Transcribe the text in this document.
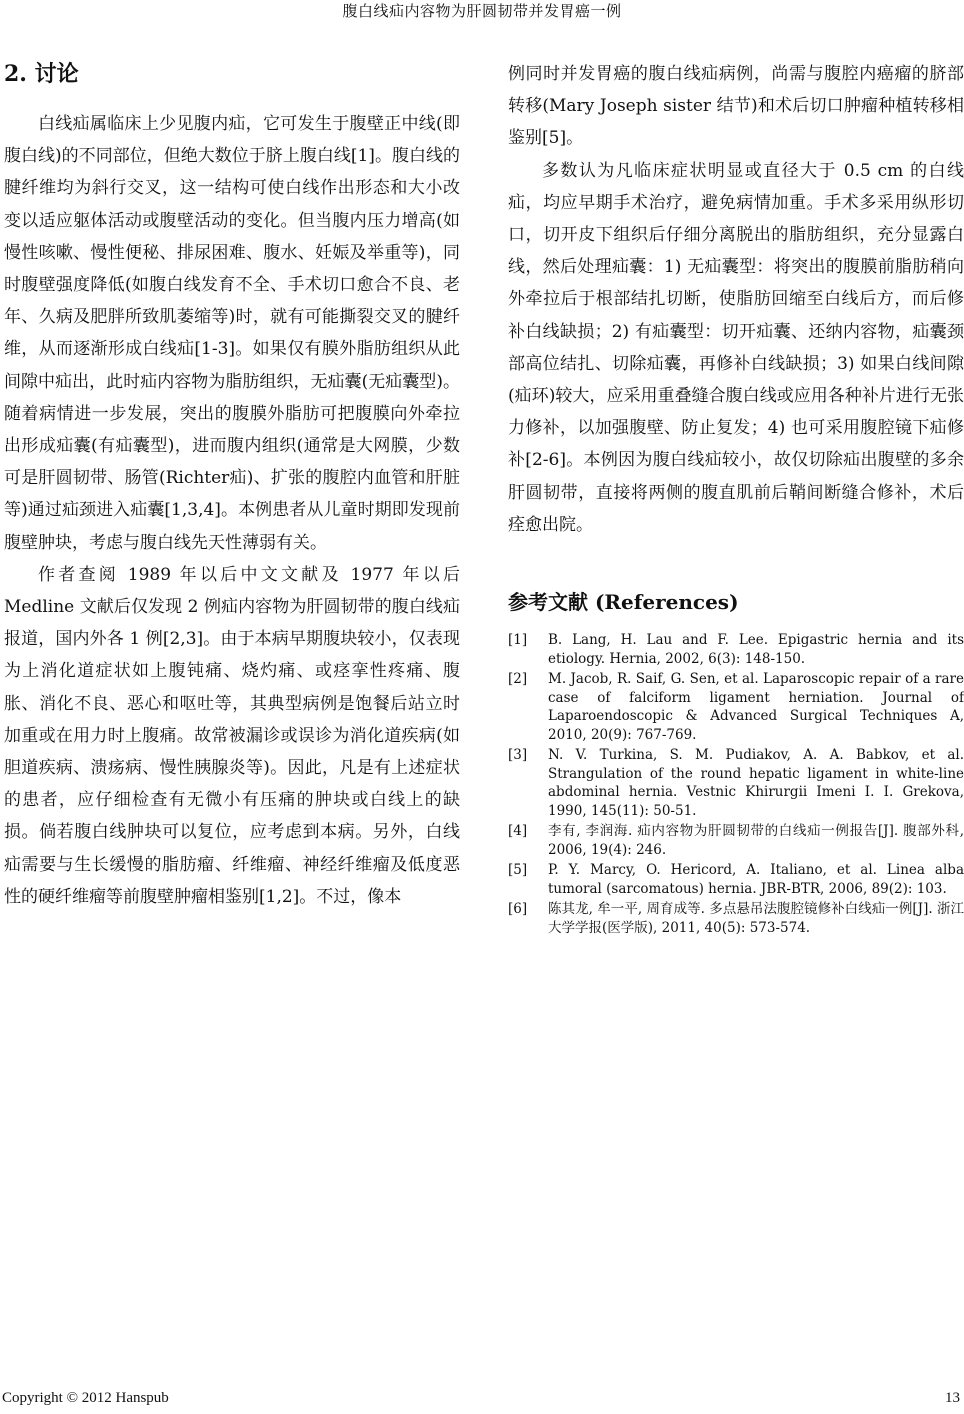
腹白线疝内容物为肝圆韧带并发胃癌一例
2. 讨论

白线疝属临床上少见腹内疝，它可发生于腹壁正中线(即腹白线)的不同部位，但绝大数位于脐上腹白线[1]。腹白线的腱纤维均为斜行交叉，这一结构可使白线作出形态和大小改变以适应躯体活动或腹壁活动的变化。但当腹内压力增高(如慢性咳嗽、慢性便秘、排尿困难、腹水、妊娠及举重等)，同时腹壁强度降低(如腹白线发育不全、手术切口愈合不良、老年、久病及肥胖所致肌萎缩等)时，就有可能撕裂交叉的腱纤维，从而逐渐形成白线疝[1-3]。如果仅有膜外脂肪组织从此间隙中疝出，此时疝内容物为脂肪组织，无疝囊(无疝囊型)。随着病情进一步发展，突出的腹膜外脂肪可把腹膜向外牵拉出形成疝囊(有疝囊型)，进而腹内组织(通常是大网膜，少数可是肝圆韧带、肠管(Richter疝)、扩张的腹腔内血管和肝脏等)通过疝颈进入疝囊[1,3,4]。本例患者从儿童时期即发现前腹壁肿块，考虑与腹白线先天性薄弱有关。

作者查阅 1989 年以后中文文献及 1977 年以后 Medline 文献后仅发现 2 例疝内容物为肝圆韧带的腹白线疝报道，国内外各 1 例[2,3]。由于本病早期腹块较小，仅表现为上消化道症状如上腹钝痛、烧灼痛、或痉挛性疼痛、腹胀、消化不良、恶心和呕吐等，其典型病例是饱餐后站立时加重或在用力时上腹痛。故常被漏诊或误诊为消化道疾病(如胆道疾病、溃疡病、慢性胰腺炎等)。因此，凡是有上述症状的患者，应仔细检查有无微小有压痛的肿块或白线上的缺损。倘若腹白线肿块可以复位，应考虑到本病。另外，白线疝需要与生长缓慢的脂肪瘤、纤维瘤、神经纤维瘤及低度恶性的硬纤维瘤等前腹壁肿瘤相鉴别[1,2]。不过，像本

例同时并发胃癌的腹白线疝病例，尚需与腹腔内癌瘤的脐部转移(Mary Joseph sister 结节)和术后切口肿瘤种植转移相鉴别[5]。

多数认为凡临床症状明显或直径大于 0.5 cm 的白线疝，均应早期手术治疗，避免病情加重。手术多采用纵形切口，切开皮下组织后仔细分离脱出的脂肪组织，充分显露白线，然后处理疝囊：1) 无疝囊型：将突出的腹膜前脂肪稍向外牵拉后于根部结扎切断，使脂肪回缩至白线后方，而后修补白线缺损；2) 有疝囊型：切开疝囊、还纳内容物，疝囊颈部高位结扎、切除疝囊，再修补白线缺损；3) 如果白线间隙(疝环)较大，应采用重叠缝合腹白线或应用各种补片进行无张力修补，以加强腹壁、防止复发；4) 也可采用腹腔镜下疝修补[2-6]。本例因为腹白线疝较小，故仅切除疝出腹壁的多余肝圆韧带，直接将两侧的腹直肌前后鞘间断缝合修补，术后痊愈出院。

参考文献 (References)
[1]	B. Lang, H. Lau and F. Lee. Epigastric hernia and its etiology. Hernia, 2002, 6(3): 148-150.
[2]	M. Jacob, R. Saif, G. Sen, et al. Laparoscopic repair of a rare case of falciform ligament herniation. Journal of Laparoendoscopic & Advanced Surgical Techniques A, 2010, 20(9): 767-769.
[3]	N. V. Turkina, S. M. Pudiakov, A. A. Babkov, et al. Strangulation of the round hepatic ligament in white-line abdominal hernia. Vestnic Khirurgii Imeni I. I. Grekova, 1990, 145(11): 50-51.
[4]	李有, 李润海. 疝内容物为肝圆韧带的白线疝一例报告[J]. 腹部外科, 2006, 19(4): 246.
[5]	P. Y. Marcy, O. Hericord, A. Italiano, et al. Linea alba tumoral (sarcomatous) hernia. JBR-BTR, 2006, 89(2): 103.
[6]	陈其龙, 牟一平, 周育成等. 多点悬吊法腹腔镜修补白线疝一例[J]. 浙江大学学报(医学版), 2011, 40(5): 573-574.
Copyright © 2012 Hanspub	13
